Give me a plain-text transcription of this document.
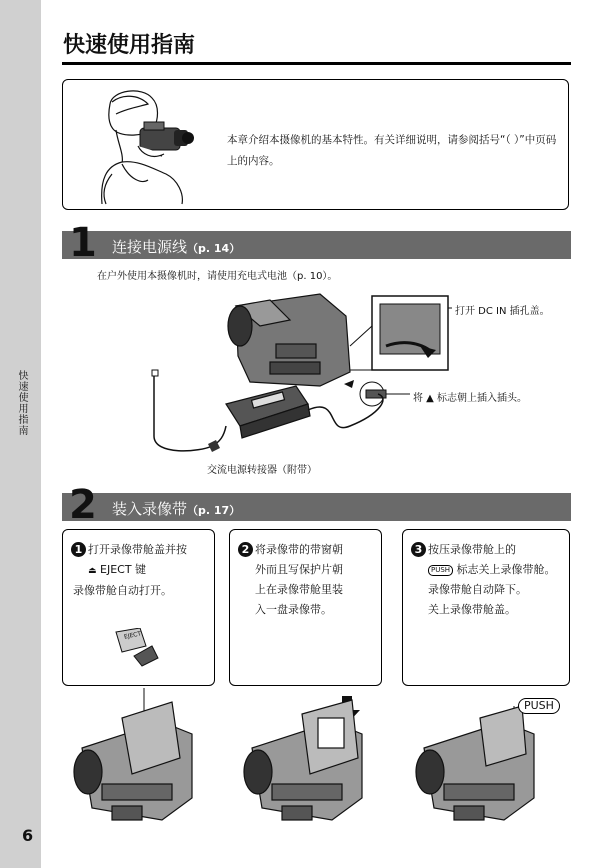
快速使用指南
6
快速使用指南
本章介绍本摄像机的基本特性。有关详细说明，请参阅括号“（ ）”中页码上的内容。
1 连接电源线（p. 14）
在户外使用本摄像机时，请使用充电式电池（p. 10）。
打开 DC IN 插孔盖。
将 ▲ 标志朝上插入插头。
交流电源转接器（附带）
2 装入录像带（p. 17）
1 打开录像带舱盖并按
⏏ EJECT 键
录像带舱自动打开。
EJECT
2 将录像带的带窗朝外而且写保护片朝上在录像带舱里装入一盘录像带。
3 按压录像带舱上的
PUSH 标志关上录像带舱。录像带舱自动降下。
关上录像带舱盖。
PUSH
